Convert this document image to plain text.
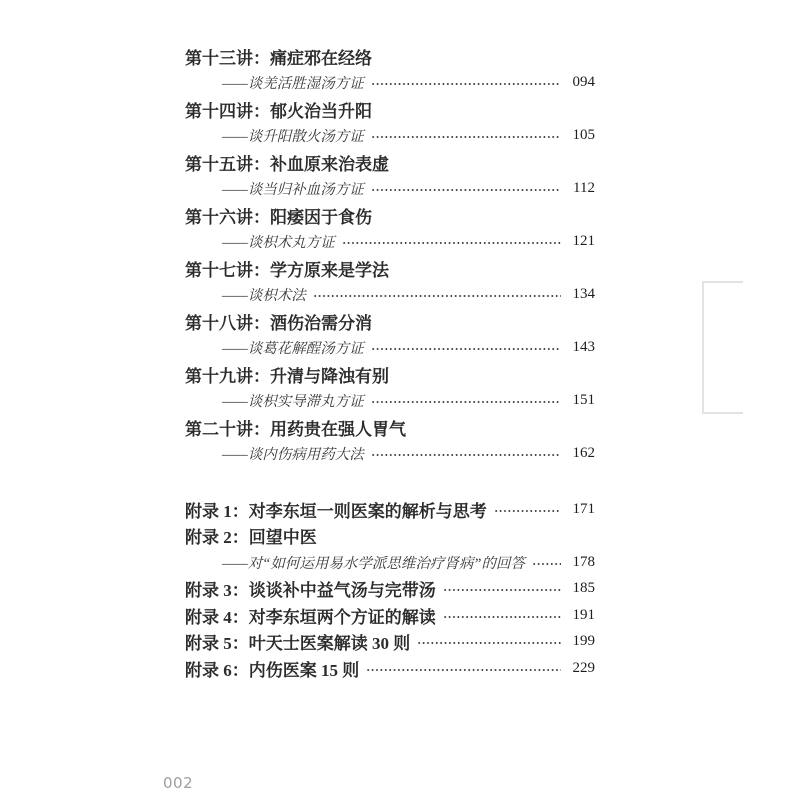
第十三讲：痛症邪在经络
——谈羌活胜湿汤方证	094
第十四讲：郁火治当升阳
——谈升阳散火汤方证	105
第十五讲：补血原来治表虚
——谈当归补血汤方证	112
第十六讲：阳痿因于食伤
——谈枳术丸方证	121
第十七讲：学方原来是学法
——谈枳术法	134
第十八讲：酒伤治需分消
——谈葛花解酲汤方证	143
第十九讲：升清与降浊有别
——谈枳实导滞丸方证	151
第二十讲：用药贵在强人胃气
——谈内伤病用药大法	162
附录 1：对李东垣一则医案的解析与思考	171
附录 2：回望中医
——对“如何运用易水学派思维治疗肾病”的回答	178
附录 3：谈谈补中益气汤与完带汤	185
附录 4：对李东垣两个方证的解读	191
附录 5：叶天士医案解读 30 则	199
附录 6：内伤医案 15 则	229
002
